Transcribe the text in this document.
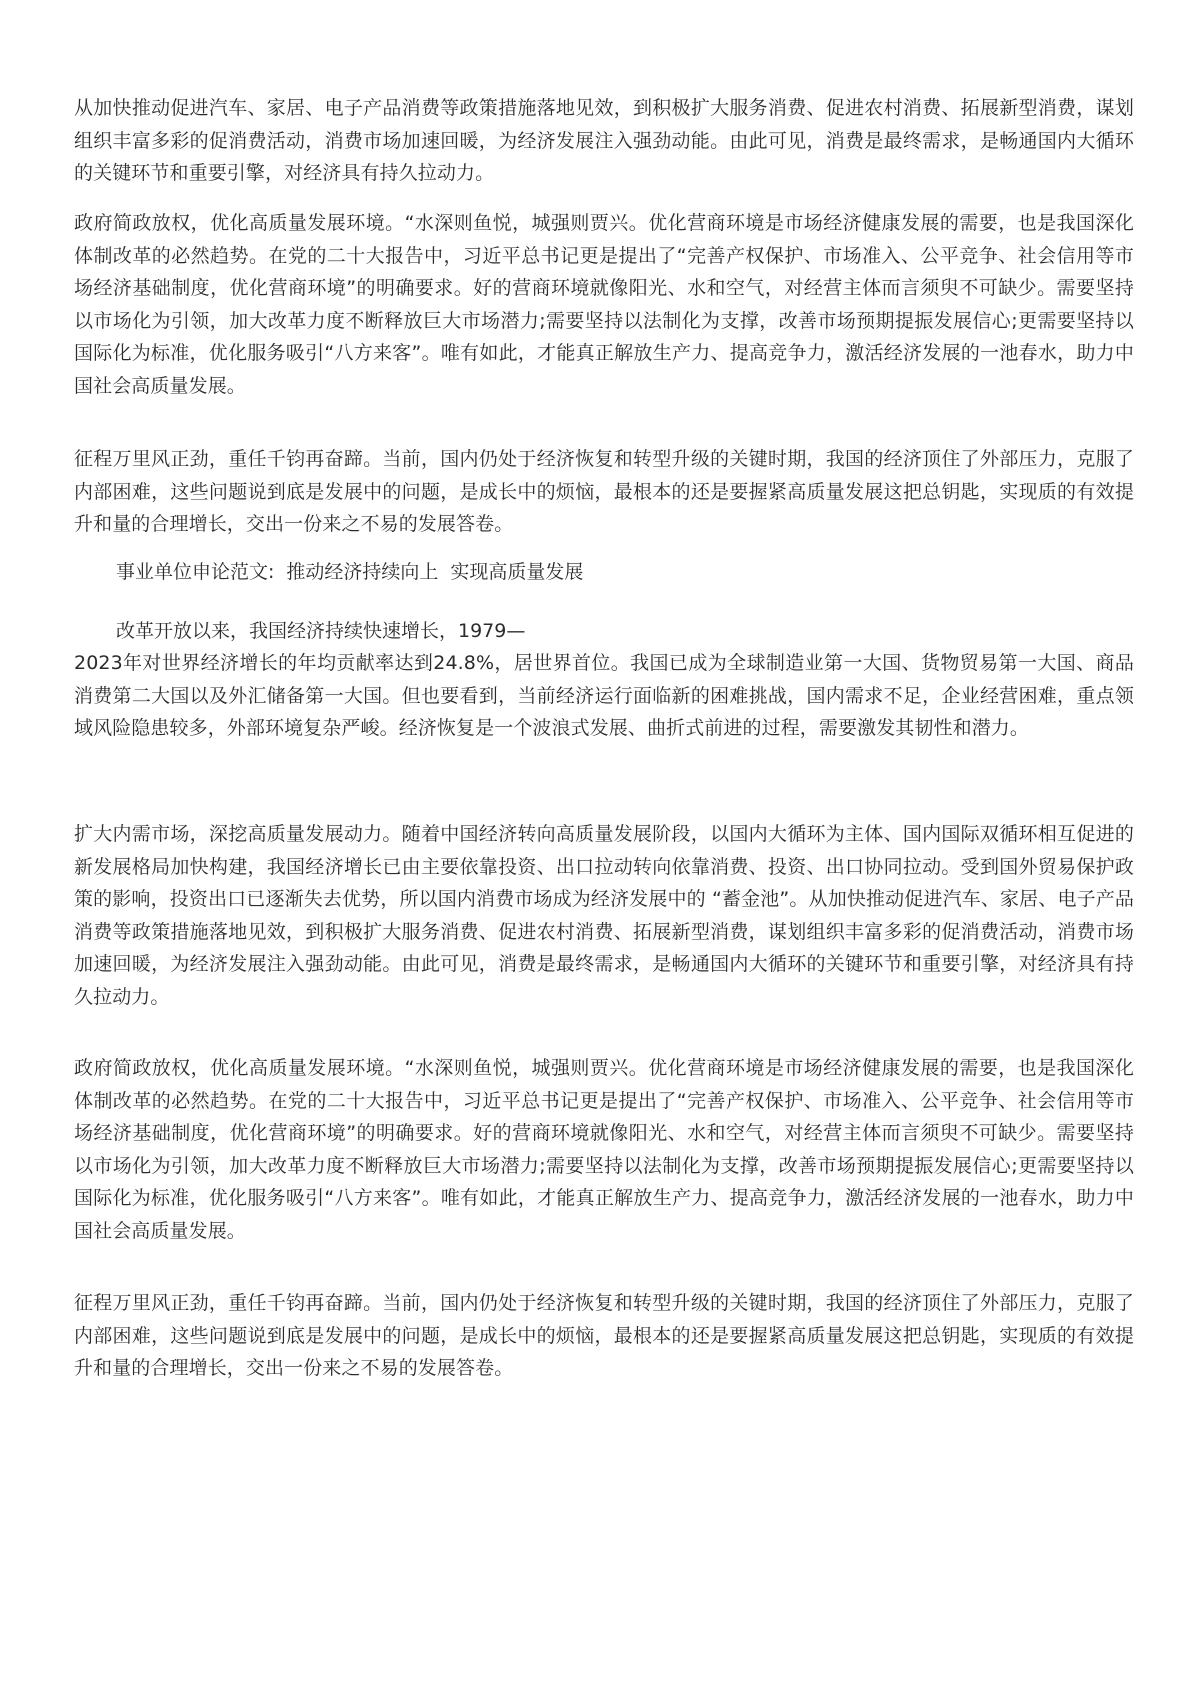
从加快推动促进汽车、家居、电子产品消费等政策措施落地见效，到积极扩大服务消费、促进农村消费、拓展新型消费，谋划组织丰富多彩的促消费活动，消费市场加速回暖，为经济发展注入强劲动能。由此可见，消费是最终需求，是畅通国内大循环的关键环节和重要引擎，对经济具有持久拉动力。

政府简政放权，优化高质量发展环境。“水深则鱼悦，城强则贾兴。优化营商环境是市场经济健康发展的需要，也是我国深化体制改革的必然趋势。在党的二十大报告中，习近平总书记更是提出了“完善产权保护、市场准入、公平竞争、社会信用等市场经济基础制度，优化营商环境”的明确要求。好的营商环境就像阳光、水和空气，对经营主体而言须臾不可缺少。需要坚持以市场化为引领，加大改革力度不断释放巨大市场潜力;需要坚持以法制化为支撑，改善市场预期提振发展信心;更需要坚持以国际化为标准，优化服务吸引“八方来客”。唯有如此，才能真正解放生产力、提高竞争力，激活经济发展的一池春水，助力中国社会高质量发展。

征程万里风正劲，重任千钧再奋蹄。当前，国内仍处于经济恢复和转型升级的关键时期，我国的经济顶住了外部压力，克服了内部困难，这些问题说到底是发展中的问题，是成长中的烦恼，最根本的还是要握紧高质量发展这把总钥匙，实现质的有效提升和量的合理增长，交出一份来之不易的发展答卷。

事业单位申论范文: 推动经济持续向上 实现高质量发展

改革开放以来，我国经济持续快速增长，1979—

2023年对世界经济增长的年均贡献率达到24.8%，居世界首位。我国已成为全球制造业第一大国、货物贸易第一大国、商品消费第二大国以及外汇储备第一大国。但也要看到，当前经济运行面临新的困难挑战，国内需求不足，企业经营困难，重点领域风险隐患较多，外部环境复杂严峻。经济恢复是一个波浪式发展、曲折式前进的过程，需要激发其韧性和潜力。

扩大内需市场，深挖高质量发展动力。随着中国经济转向高质量发展阶段，以国内大循环为主体、国内国际双循环相互促进的新发展格局加快构建，我国经济增长已由主要依靠投资、出口拉动转向依靠消费、投资、出口协同拉动。受到国外贸易保护政策的影响，投资出口已逐渐失去优势，所以国内消费市场成为经济发展中的 “蓄金池”。从加快推动促进汽车、家居、电子产品消费等政策措施落地见效，到积极扩大服务消费、促进农村消费、拓展新型消费，谋划组织丰富多彩的促消费活动，消费市场加速回暖，为经济发展注入强劲动能。由此可见，消费是最终需求，是畅通国内大循环的关键环节和重要引擎，对经济具有持久拉动力。

政府简政放权，优化高质量发展环境。“水深则鱼悦，城强则贾兴。优化营商环境是市场经济健康发展的需要，也是我国深化体制改革的必然趋势。在党的二十大报告中，习近平总书记更是提出了“完善产权保护、市场准入、公平竞争、社会信用等市场经济基础制度，优化营商环境”的明确要求。好的营商环境就像阳光、水和空气，对经营主体而言须臾不可缺少。需要坚持以市场化为引领，加大改革力度不断释放巨大市场潜力;需要坚持以法制化为支撑，改善市场预期提振发展信心;更需要坚持以国际化为标准，优化服务吸引“八方来客”。唯有如此，才能真正解放生产力、提高竞争力，激活经济发展的一池春水，助力中国社会高质量发展。

征程万里风正劲，重任千钧再奋蹄。当前，国内仍处于经济恢复和转型升级的关键时期，我国的经济顶住了外部压力，克服了内部困难，这些问题说到底是发展中的问题，是成长中的烦恼，最根本的还是要握紧高质量发展这把总钥匙，实现质的有效提升和量的合理增长，交出一份来之不易的发展答卷。
